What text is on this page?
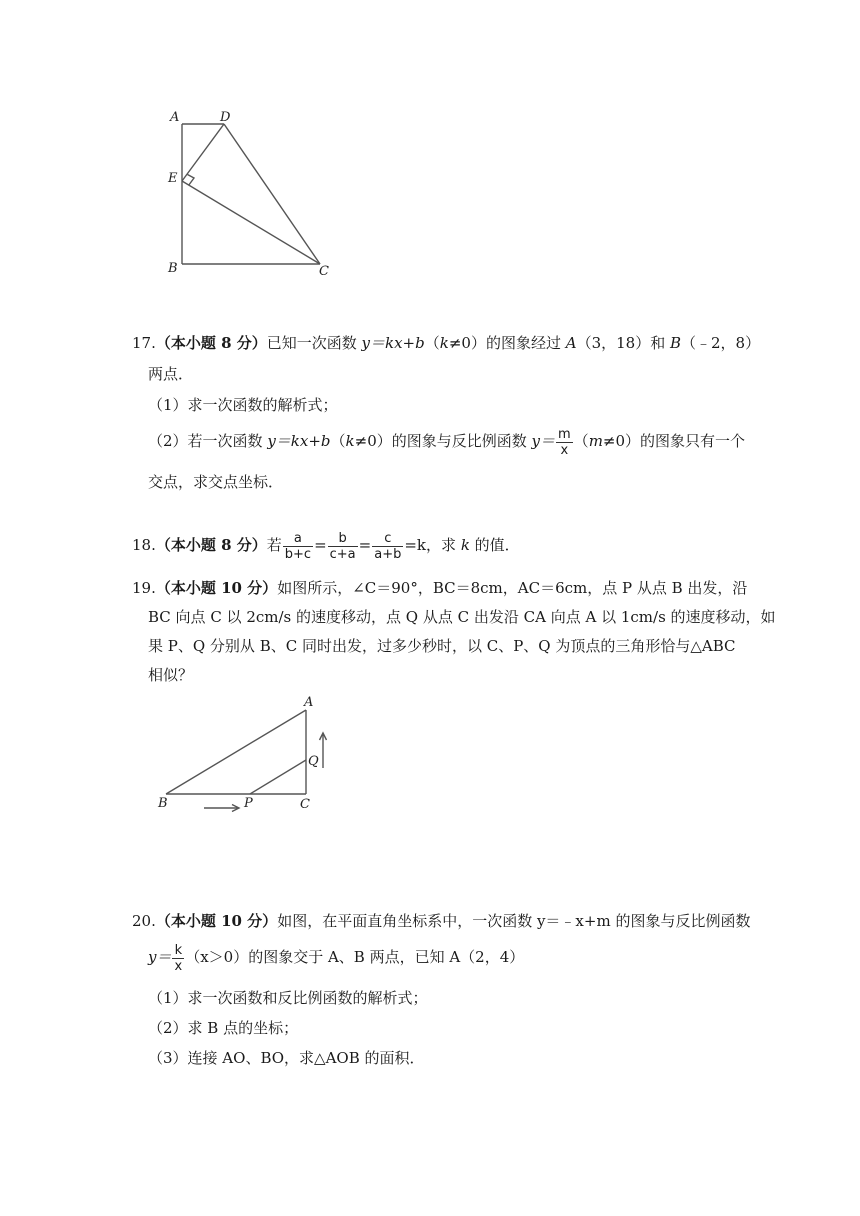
A	D
E
B	C
17.（本小题 8 分）已知一次函数 y＝kx+b（k≠0）的图象经过 A（3，18）和 B（﹣2，8）
两点．
（1）求一次函数的解析式；
（2）若一次函数 y＝kx+b（k≠0）的图象与反比例函数 $y= \frac{m}{x} (m\ne 0)$的图象只有一个
交点，求交点坐标．
18.（本小题 8 分）若 $\frac{a}{b+c} = \frac{b}{c+a} = \frac{c}{a+b} =k$，求 k 的值．
19.（本小题 10 分）如图所示，∠C＝90°，BC＝8cm，AC＝6cm，点 P 从点 B 出发，沿
BC 向点 C 以 2cm/s 的速度移动，点 Q 从点 C 出发沿 CA 向点 A 以 1cm/s 的速度移动，如
果 P、Q 分别从 B、C 同时出发，过多少秒时，以 C、P、Q 为顶点的三角形恰与△ABC
相似？
A
B	C
P
Q
20.（本小题 10 分）如图，在平面直角坐标系中，一次函数 y＝﹣x+m 的图象与反比例函数
$y= \frac{k}{x} (x>0)$的图象交于 A、B 两点，已知 A（2，4）
（1）求一次函数和反比例函数的解析式；
（2）求 B 点的坐标；
（3）连接 AO、BO，求△AOB 的面积．
